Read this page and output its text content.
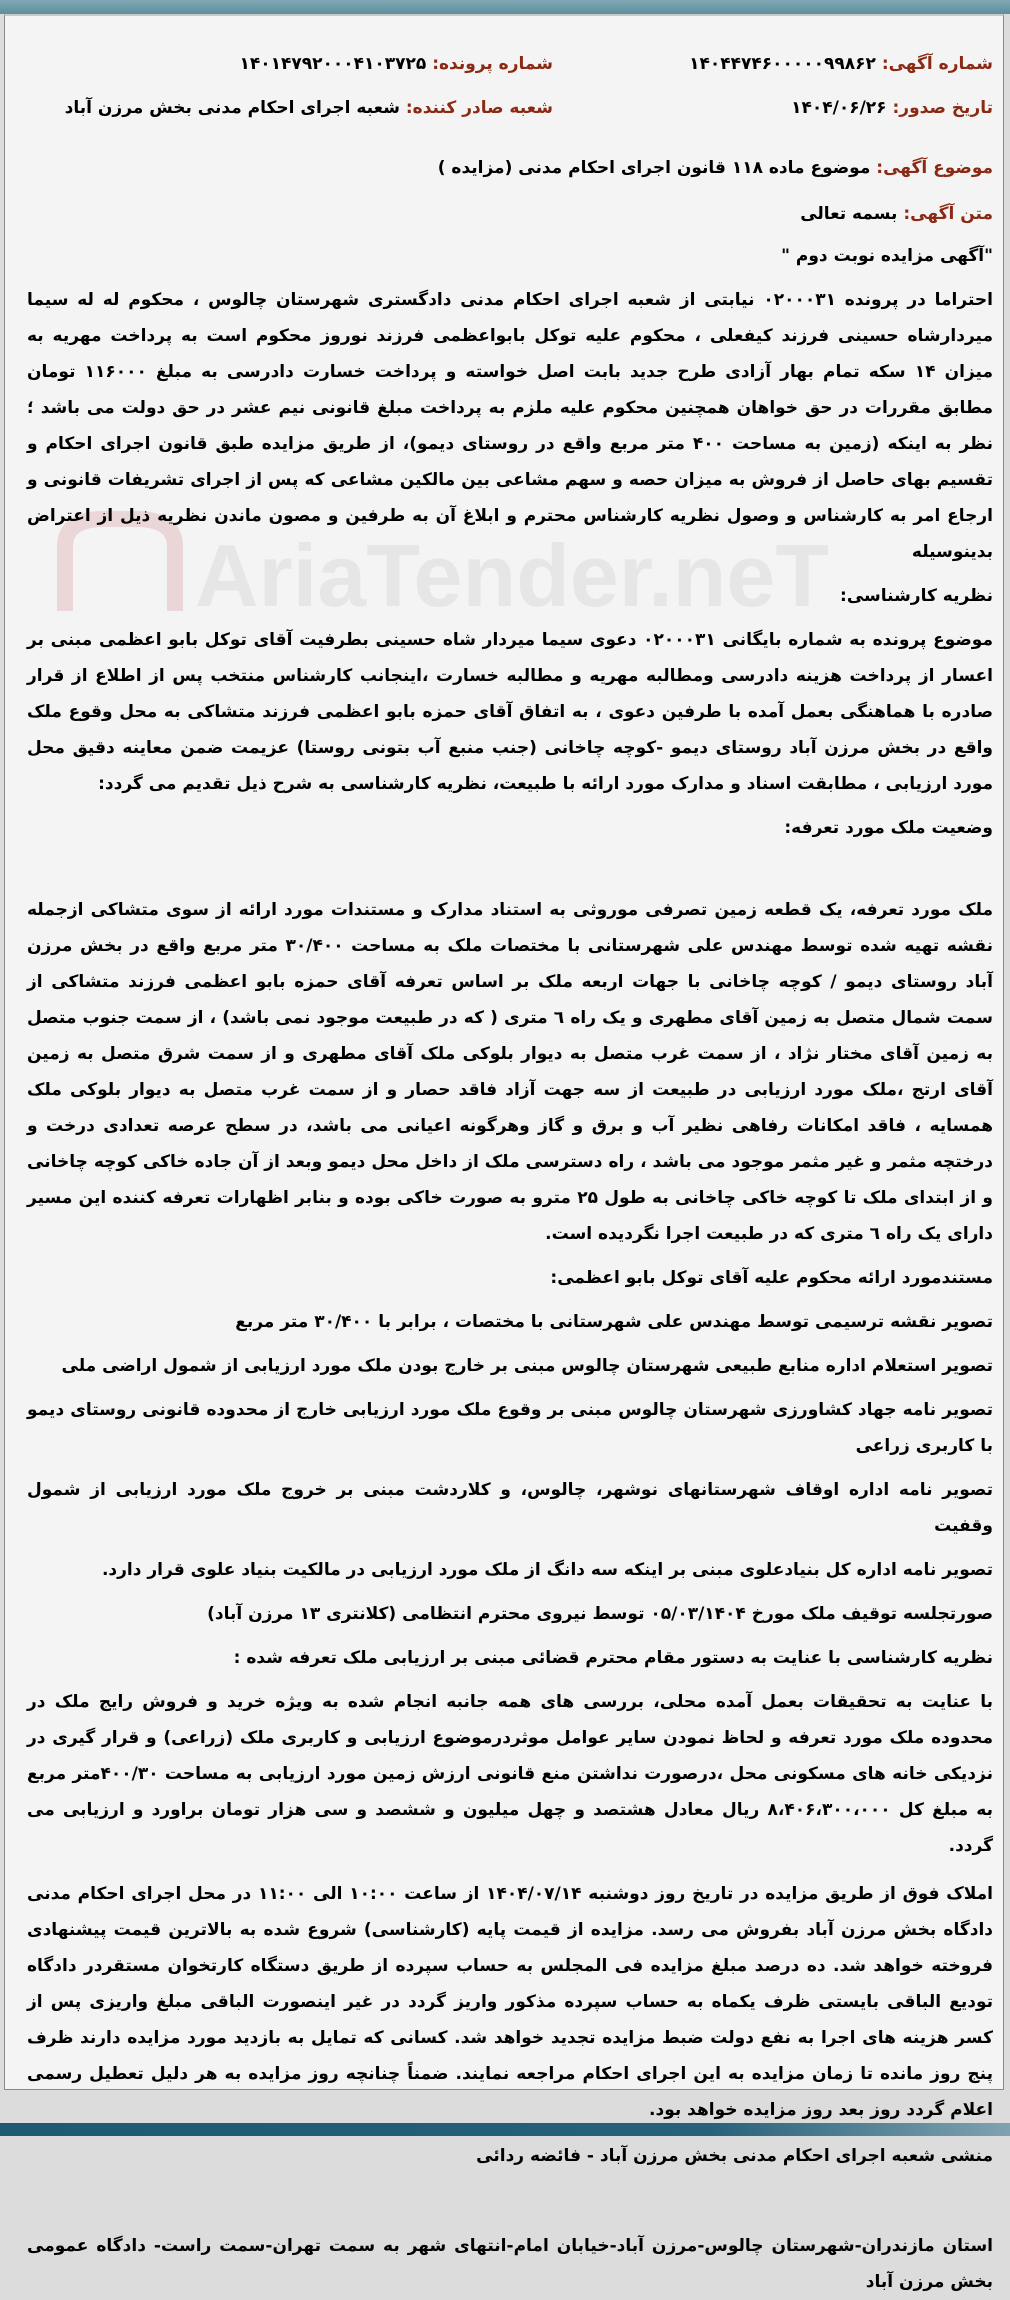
AriaTender.neT
شماره آگهی: ۱۴۰۴۴۷۴۶۰۰۰۰۰۹۹۸۶۲
شماره پرونده: ۱۴۰۱۴۷۹۲۰۰۰۴۱۰۳۷۲۵
تاریخ صدور: ۱۴۰۴/۰۶/۲۶
شعبه صادر کننده: شعبه اجرای احکام مدنی بخش مرزن آباد
موضوع آگهی: موضوع ماده ۱۱۸ قانون اجرای احکام مدنی (مزایده )
متن آگهی: بسمه تعالی

"آگهی مزایده نوبت دوم "

احتراما در پرونده ۰۲۰۰۰۳۱ نیابتی از شعبه اجرای احکام مدنی دادگستری شهرستان چالوس ، محکوم له له سیما میردارشاه حسینی فرزند کیفعلی ، محکوم علیه توکل بابواعظمی فرزند نوروز محکوم است به پرداخت مهریه به میزان ۱۴ سکه تمام بهار آزادی طرح جدید بابت اصل خواسته و پرداخت خسارت دادرسی به مبلغ ۱۱۶۰۰۰ تومان مطابق مقررات در حق خواهان همچنین محکوم علیه ملزم به پرداخت مبلغ قانونی نیم عشر در حق دولت می باشد ؛ نظر به اینکه (زمین به مساحت ۴۰۰ متر مربع واقع در روستای دیمو)، از طریق مزایده طبق قانون اجرای احکام و تقسیم بهای حاصل از فروش به میزان حصه و سهم مشاعی بین مالکین مشاعی که پس از اجرای تشریفات قانونی و ارجاع امر به کارشناس و وصول نظریه کارشناس محترم و ابلاغ آن به طرفین و مصون ماندن نظریه ذیل از اعتراض بدینوسیله

نظریه کارشناسی:

موضوع پرونده به شماره بایگانی ۰۲۰۰۰۳۱ دعوی سیما میردار شاه حسینی بطرفیت آقای توکل بابو اعظمی مبنی بر اعسار از پرداخت هزینه دادرسی ومطالبه مهریه و مطالبه خسارت ،اینجانب کارشناس منتخب پس از اطلاع از قرار صادره با هماهنگی بعمل آمده با طرفین دعوی ، به اتفاق آقای حمزه بابو اعظمی فرزند متشاکی به محل وقوع ملک واقع در بخش مرزن آباد روستای دیمو -کوچه چاخانی (جنب منبع آب بتونی روستا) عزیمت ضمن معاینه دقیق محل مورد ارزیابی ، مطابقت اسناد و مدارک مورد ارائه با طبیعت، نظریه کارشناسی به شرح ذیل تقدیم می گردد:

وضعیت ملک مورد تعرفه:

ملک مورد تعرفه، یک قطعه زمین تصرفی موروثی به استناد مدارک و مستندات مورد ارائه از سوی متشاکی ازجمله نقشه تهیه شده توسط مهندس علی شهرستانی با مختصات ملک به مساحت ۳۰/۴۰۰ متر مربع واقع در بخش مرزن آباد روستای دیمو / کوچه چاخانی با جهات اربعه ملک بر اساس تعرفه آقای حمزه بابو اعظمی فرزند متشاکی از سمت شمال متصل به زمین آقای مطهری و یک راه ٦ متری ( که در طبیعت موجود نمی باشد) ، از سمت جنوب متصل به زمین آقای مختار نژاد ، از سمت غرب متصل به دیوار بلوکی ملک آقای مطهری و از سمت شرق متصل به زمین آقای ارتج ،ملک مورد ارزیابی در طبیعت از سه جهت آزاد فاقد حصار و از سمت غرب متصل به دیوار بلوکی ملک همسایه ، فاقد امکانات رفاهی نظیر آب و برق و گاز وهرگونه اعیانی می باشد، در سطح عرصه تعدادی درخت و درختچه مثمر و غیر مثمر موجود می باشد ، راه دسترسی ملک از داخل محل دیمو وبعد از آن جاده خاکی کوچه چاخانی و از ابتدای ملک تا کوچه خاکی چاخانی به طول ۲۵ مترو به صورت خاکی بوده و بنابر اظهارات تعرفه کننده این مسیر دارای یک راه ٦ متری که در طبیعت اجرا نگردیده است.

مستندمورد ارائه محکوم علیه آقای توکل بابو اعظمی:

تصویر نقشه ترسیمی توسط مهندس علی شهرستانی با مختصات ، برابر با ۳۰/۴۰۰ متر مربع

تصویر استعلام اداره منابع طبیعی شهرستان چالوس مبنی بر خارج بودن ملک مورد ارزیابی از شمول اراضی ملی

تصویر نامه جهاد کشاورزی شهرستان چالوس مبنی بر وقوع ملک مورد ارزیابی خارج از محدوده قانونی روستای دیمو با کاربری زراعی

تصویر نامه اداره اوقاف شهرستانهای نوشهر، چالوس، و کلاردشت مبنی بر خروج ملک مورد ارزیابی از شمول وقفیت

تصویر نامه اداره کل بنیادعلوی مبنی بر اینکه سه دانگ از ملک مورد ارزیابی در مالکیت بنیاد علوی قرار دارد.

صورتجلسه توقیف ملک مورخ ۰۵/۰۳/۱۴۰۴ توسط نیروی محترم انتظامی (کلانتری ۱۳ مرزن آباد)

نظریه کارشناسی با عنایت به دستور مقام محترم قضائی مبنی بر ارزیابی ملک تعرفه شده :

با عنایت به تحقیقات بعمل آمده محلی، بررسی های همه جانبه انجام شده به ویژه خرید و فروش رایج ملک در محدوده ملک مورد تعرفه و لحاظ نمودن سایر عوامل موثردرموضوع ارزیابی و کاربری ملک (زراعی) و قرار گیری در نزدیکی خانه های مسکونی محل ،درصورت نداشتن منع قانونی ارزش زمین مورد ارزیابی به مساحت ۴۰۰/۳۰متر مربع به مبلغ کل ۸،۴۰۶،۳۰۰،۰۰۰ ریال معادل هشتصد و چهل میلیون و ششصد و سی هزار تومان براورد و ارزیابی می گردد.

املاک فوق از طریق مزایده در تاریخ روز دوشنبه ۱۴۰۴/۰۷/۱۴ از ساعت ۱۰:۰۰ الی ۱۱:۰۰ در محل اجرای احکام مدنی دادگاه بخش مرزن آباد بفروش می رسد. مزایده از قیمت پایه (کارشناسی) شروع شده به بالاترین قیمت پیشنهادی فروخته خواهد شد. ده درصد مبلغ مزایده فی المجلس به حساب سپرده از طریق دستگاه کارتخوان مستقردر دادگاه توديع الباقی بایستی ظرف یکماه به حساب سپرده مذکور واریز گردد در غیر اینصورت الباقی مبلغ واریزی پس از کسر هزینه های اجرا به نفع دولت ضبط مزایده تجدید خواهد شد. کسانی که تمایل به بازدید مورد مزایده دارند ظرف پنج روز مانده تا زمان مزایده به این اجرای احکام مراجعه نمایند. ضمناً چنانچه روز مزایده به هر دلیل تعطیل رسمی اعلام گردد روز بعد روز مزایده خواهد بود.

منشی شعبه اجرای احکام مدنی بخش مرزن آباد - فائضه ردائی

استان مازندران-شهرستان چالوس-مرزن آباد-خیابان امام-انتهای شهر به سمت تهران-سمت راست- دادگاه عمومی بخش مرزن آباد
